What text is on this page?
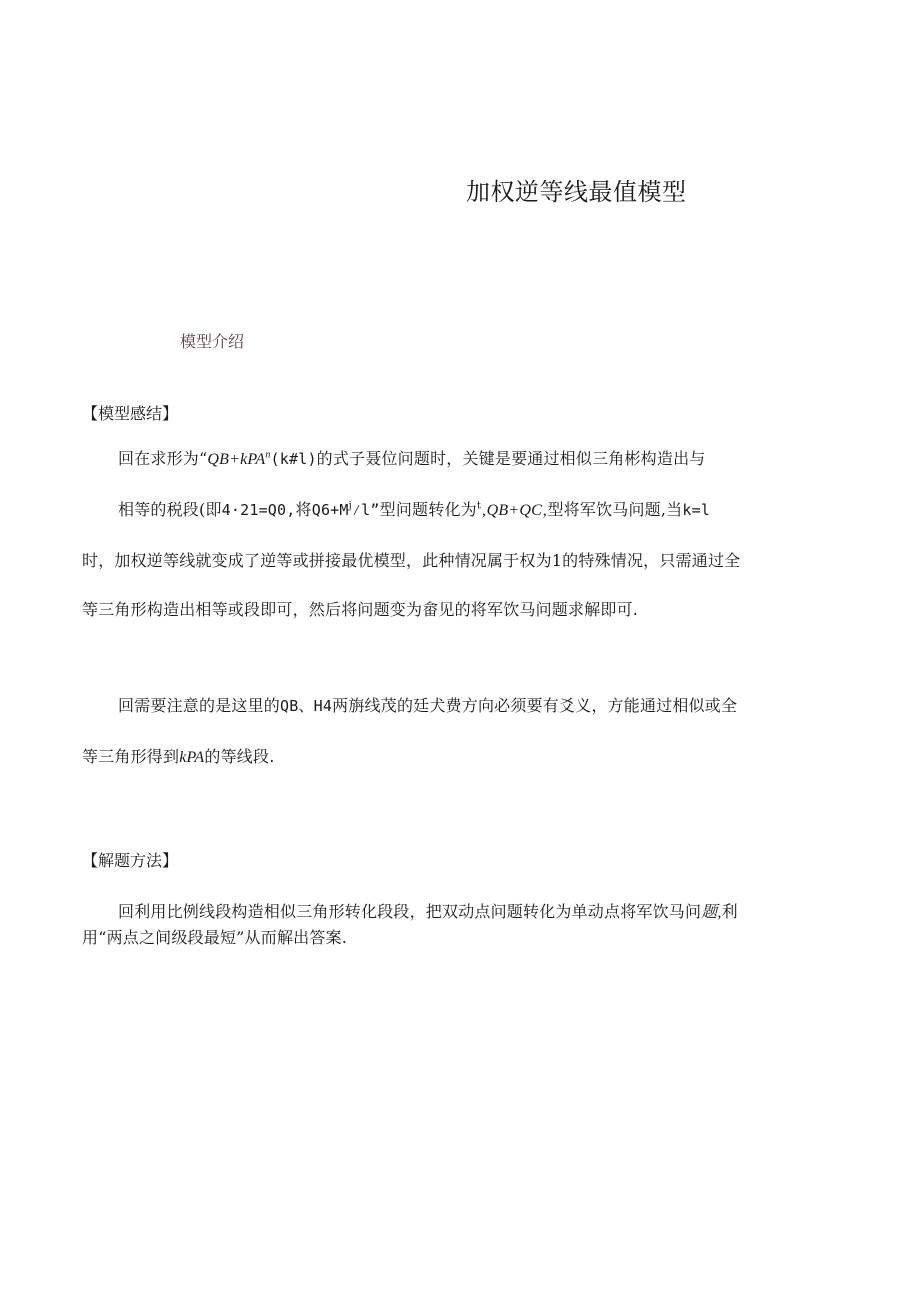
加权逆等线最值模型
模型介绍
【模型感结】
回在求形为“QB+kPA$^n$(k#l)的式子聂位问题时，关键是要通过相似三角彬构造出与
相等的税段(即4·21=Q0,将$Q6+M^j⁄l$”型问题转化为$^t$‚QB+QC‚型将军饮马问题,当k=l
时，加权逆等线就变成了逆等或拼接最优模型，此种情况属于权为1的特殊情况，只需通过全
等三角形构造出相等或段即可，然后将问题变为畲见的将军饮马问题求解即可.
回需要注意的是这里的QB、H4两旃线茂的廷犬费方向必须要有爻义，方能通过相似或全
等三角形得到kPA的等线段.
【解题方法】
回利用比例线段构造相似三角形转化段段，把双动点问题转化为单动点将军饮马问题,利
用“两点之间级段最短”从而解出答案.
